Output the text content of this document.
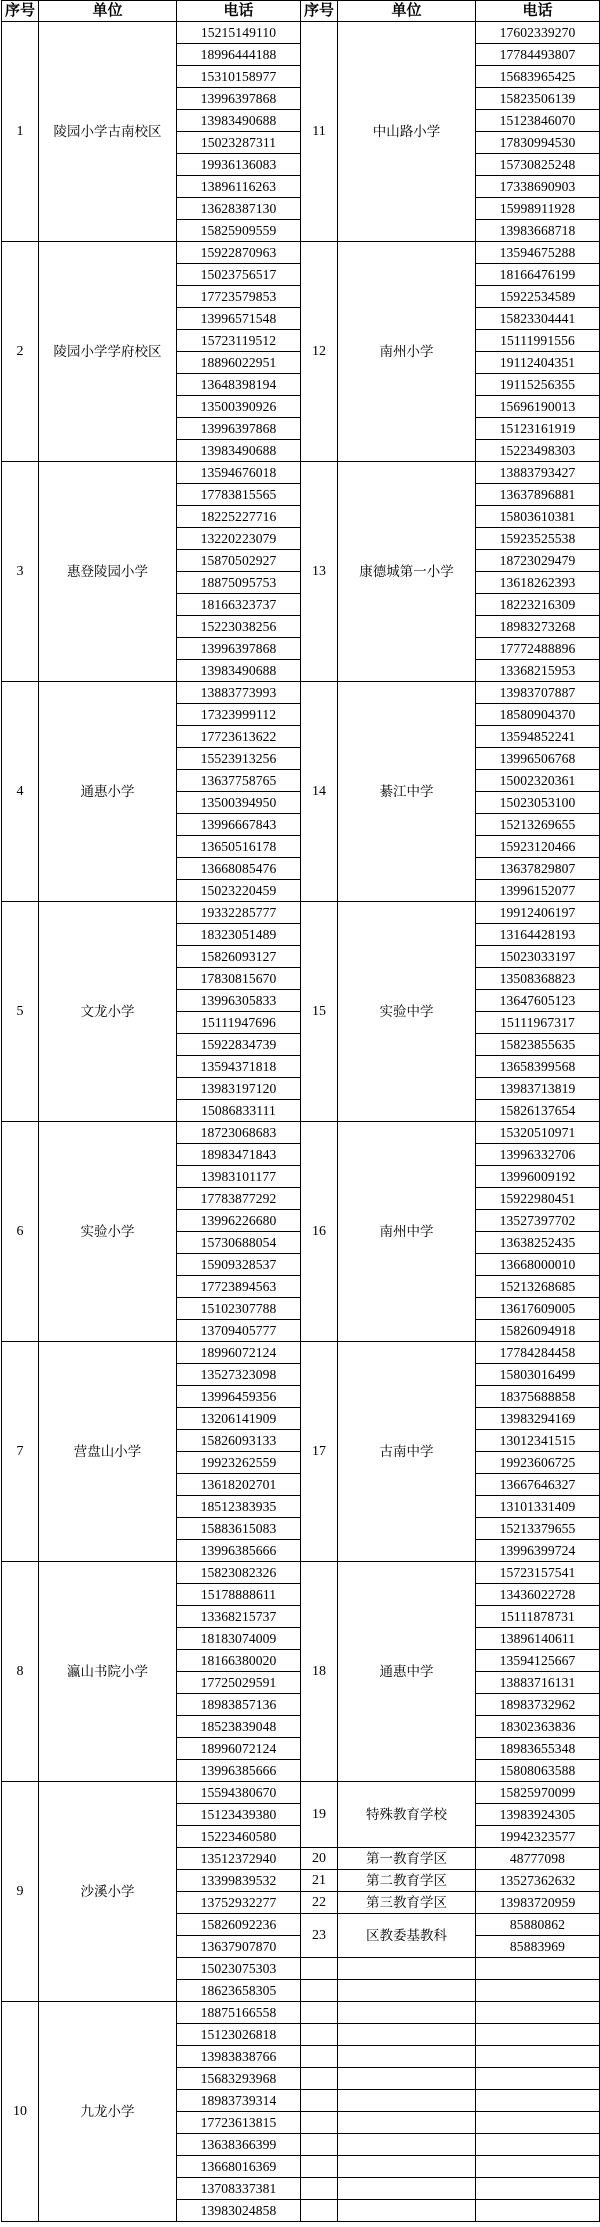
序号	单位	电话	序号	单位	电话
1	陵园小学古南校区	15215149110	11	中山路小学	17602339270
		18996444188			17784493807
		15310158977			15683965425
		13996397868			15823506139
		13983490688			15123846070
		15023287311			17830994530
		19936136083			15730825248
		13896116263			17338690903
		13628387130			15998911928
		15825909559			13983668718
2	陵园小学学府校区	15922870963	12	南州小学	13594675288
		15023756517			18166476199
		17723579853			15922534589
		13996571548			15823304441
		15723119512			15111991556
		18896022951			19112404351
		13648398194			19115256355
		13500390926			15696190013
		13996397868			15123161919
		13983490688			15223498303
3	惠登陵园小学	13594676018	13	康德城第一小学	13883793427
		17783815565			13637896881
		18225227716			15803610381
		13220223079			15923525538
		15870502927			18723029479
		18875095753			13618262393
		18166323737			18223216309
		15223038256			18983273268
		13996397868			17772488896
		13983490688			13368215953
4	通惠小学	13883773993	14	綦江中学	13983707887
		17323999112			18580904370
		17723613622			13594852241
		15523913256			13996506768
		13637758765			15002320361
		13500394950			15023053100
		13996667843			15213269655
		13650516178			15923120466
		13668085476			13637829807
		15023220459			13996152077
5	文龙小学	19332285777	15	实验中学	19912406197
		18323051489			13164428193
		15826093127			15023033197
		17830815670			13508368823
		13996305833			13647605123
		15111947696			15111967317
		15922834739			15823855635
		13594371818			13658399568
		13983197120			13983713819
		15086833111			15826137654
6	实验小学	18723068683	16	南州中学	15320510971
		18983471843			13996332706
		13983101177			13996009192
		17783877292			15922980451
		13996226680			13527397702
		15730688054			13638252435
		15909328537			13668000010
		17723894563			15213268685
		15102307788			13617609005
		13709405777			15826094918
7	营盘山小学	18996072124	17	古南中学	17784284458
		13527323098			15803016499
		13996459356			18375688858
		13206141909			13983294169
		15826093133			13012341515
		19923262559			19923606725
		13618202701			13667646327
		18512383935			13101331409
		15883615083			15213379655
		13996385666			13996399724
8	瀛山书院小学	15823082326	18	通惠中学	15723157541
		15178888611			13436022728
		13368215737			15111878731
		18183074009			13896140611
		18166380020			13594125667
		17725029591			13883716131
		18983857136			18983732962
		18523839048			18302363836
		18996072124			18983655348
		13996385666			15808063588
9	沙溪小学	15594380670	19	特殊教育学校	15825970099
		15123439380			13983924305
		15223460580			19942323577
		13512372940	20	第一教育学区	48777098
		13399839532	21	第二教育学区	13527362632
		13752932277	22	第三教育学区	13983720959
		15826092236	23	区教委基教科	85880862
		13637907870			85883969
		15023075303			
		18623658305			
10	九龙小学	18875166558			
		15123026818			
		13983838766			
		15683293968			
		18983739314			
		17723613815			
		13638366399			
		13668016369			
		13708337381			
		13983024858			
